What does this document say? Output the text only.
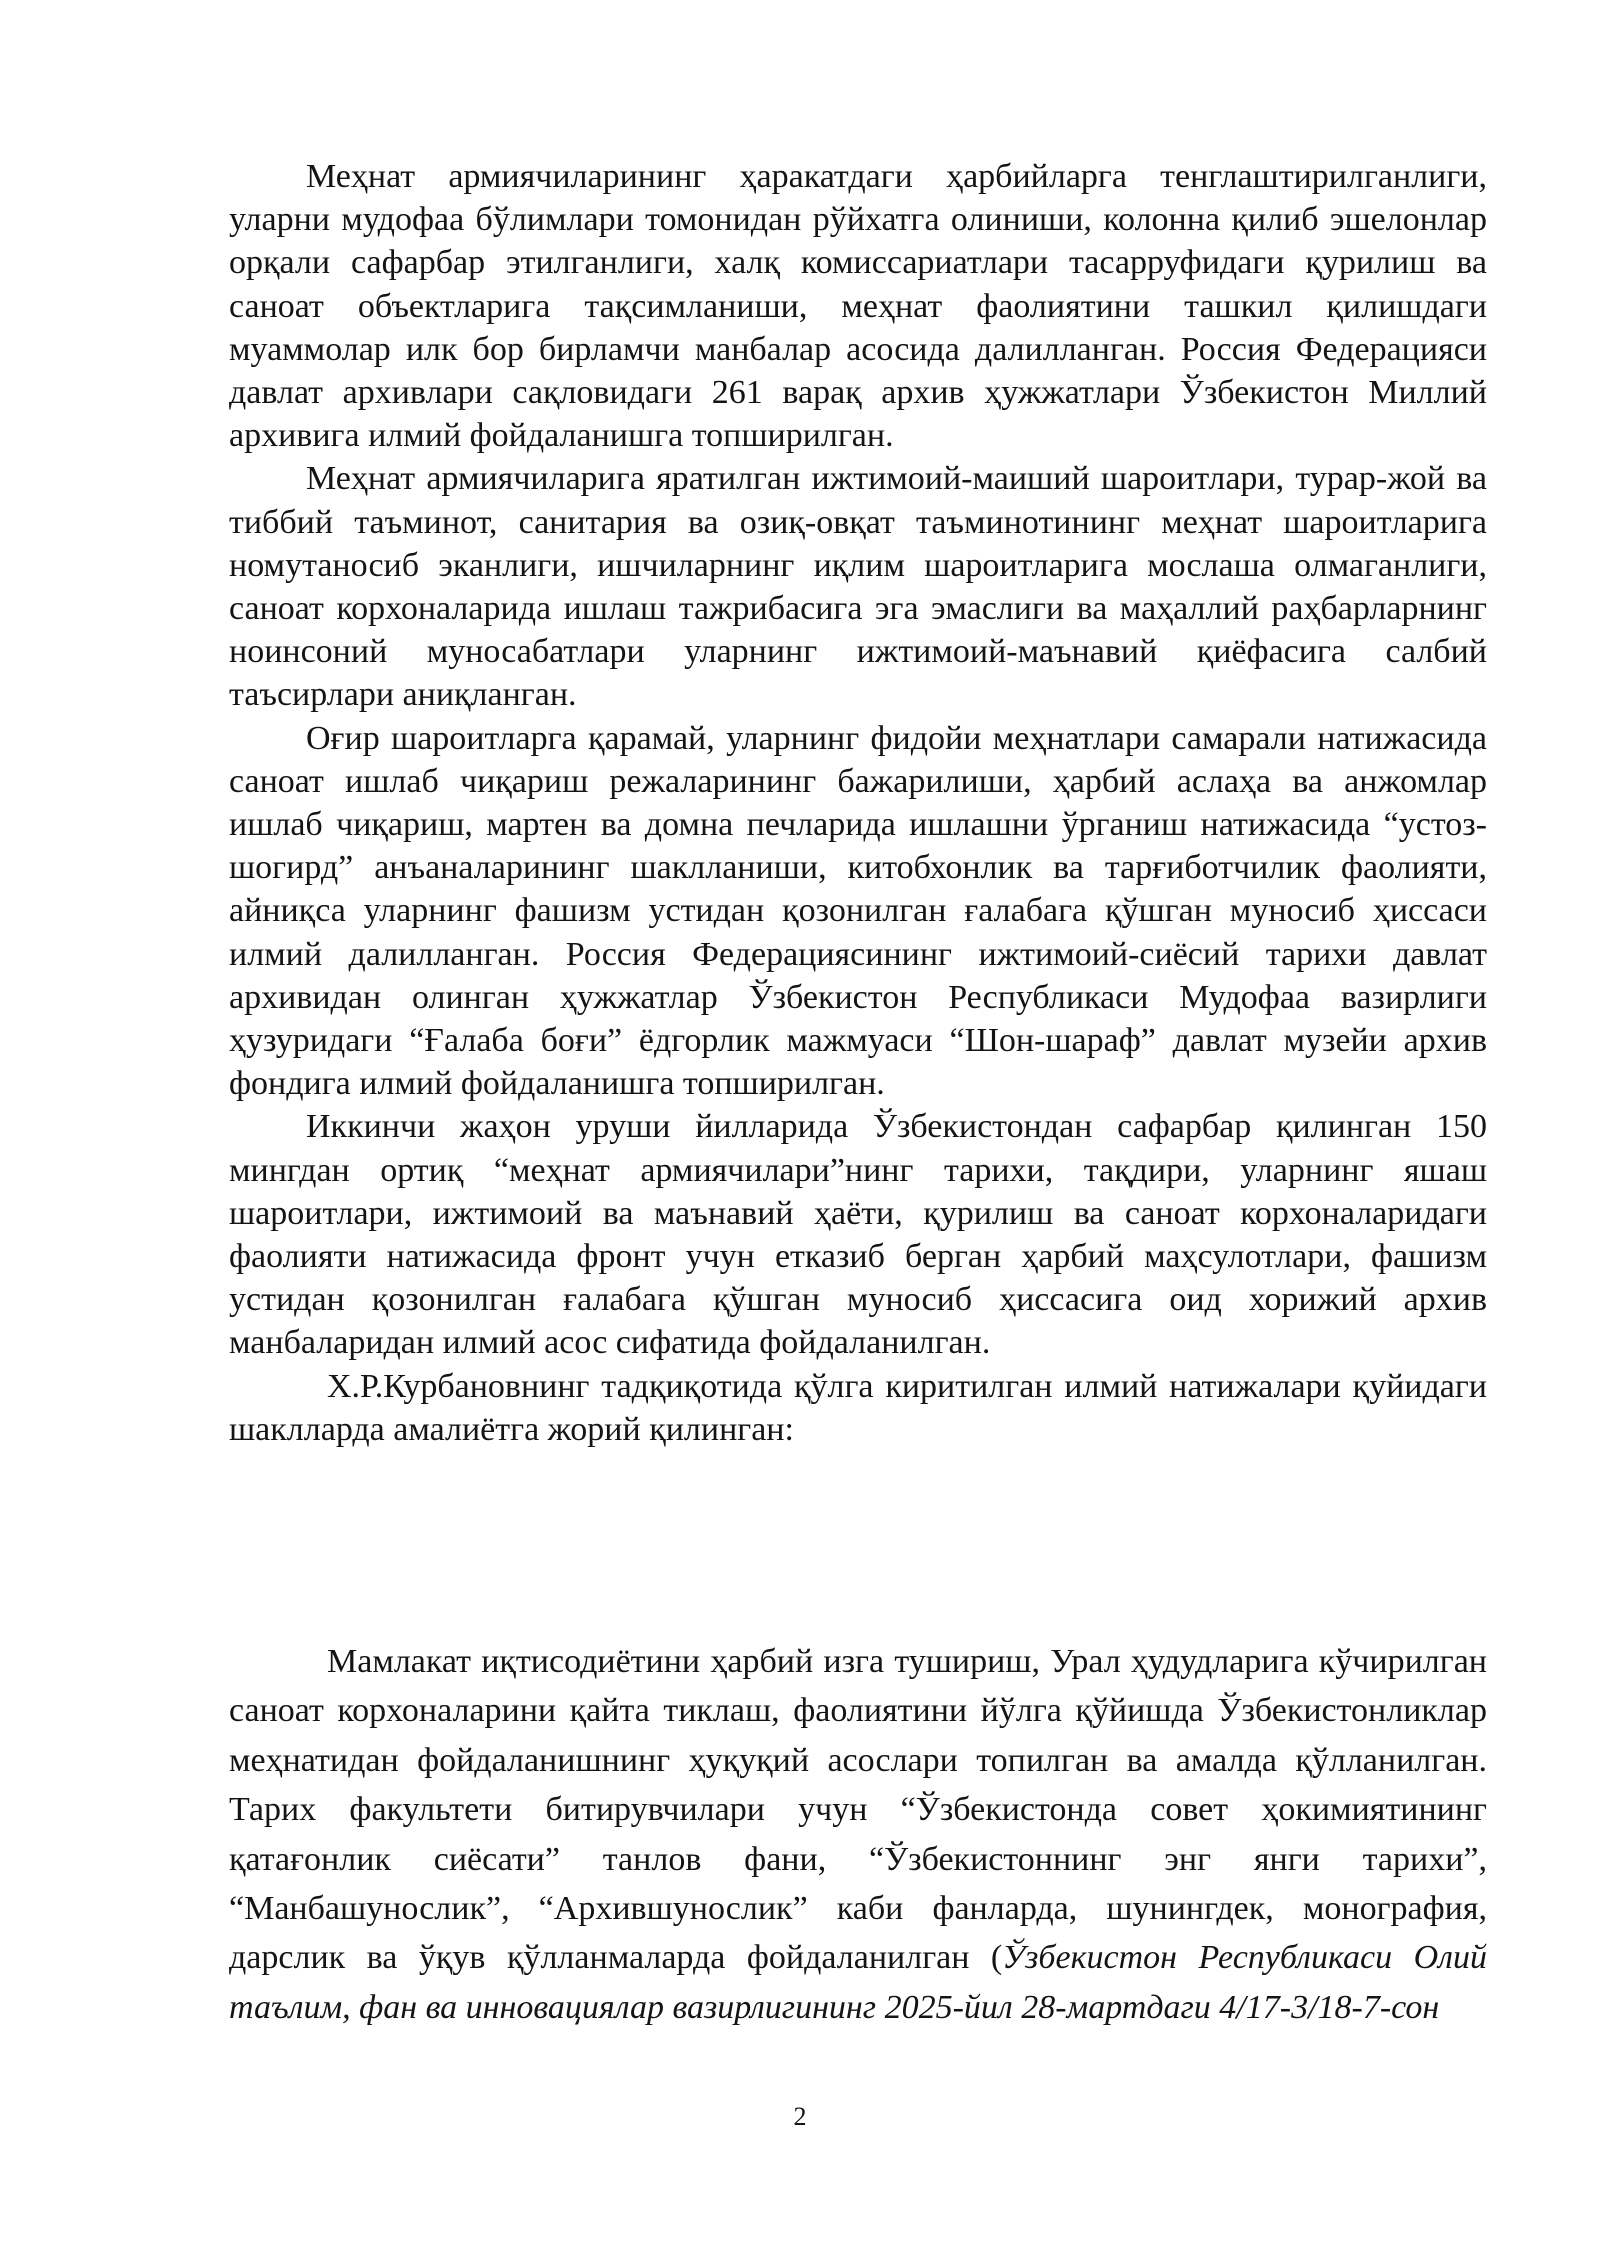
Меҳнат армиячиларининг ҳаракатдаги ҳарбийларга тенглаштирилганлиги, уларни мудофаа бўлимлари томонидан рўйхатга олиниши, колонна қилиб эшелонлар орқали сафарбар этилганлиги, халқ комиссариатлари тасарруфидаги қурилиш ва саноат объектларига тақсимланиши, меҳнат фаолиятини ташкил қилишдаги муаммолар илк бор бирламчи манбалар асосида далилланган. Россия Федерацияси давлат архивлари сақловидаги 261 варақ архив ҳужжатлари Ўзбекистон Миллий архивига илмий фойдаланишга топширилган.

Меҳнат армиячиларига яратилган ижтимоий-маиший шароитлари, турар-жой ва тиббий таъминот, санитария ва озиқ-овқат таъминотининг меҳнат шароитларига номутаносиб эканлиги, ишчиларнинг иқлим шароитларига мослаша олмаганлиги, саноат корхоналарида ишлаш тажрибасига эга эмаслиги ва маҳаллий раҳбарларнинг ноинсоний муносабатлари уларнинг ижтимоий-маънавий қиёфасига салбий таъсирлари аниқланган.

Оғир шароитларга қарамай, уларнинг фидойи меҳнатлари самарали натижасида саноат ишлаб чиқариш режаларининг бажарилиши, ҳарбий аслаҳа ва анжомлар ишлаб чиқариш, мартен ва домна печларида ишлашни ўрганиш натижасида “устоз-шогирд” анъаналарининг шаклланиши, китобхонлик ва тарғиботчилик фаолияти, айниқса уларнинг фашизм устидан қозонилган ғалабага қўшган муносиб ҳиссаси илмий далилланган. Россия Федерациясининг ижтимоий-сиёсий тарихи давлат архивидан олинган ҳужжатлар Ўзбекистон Республикаси Мудофаа вазирлиги ҳузуридаги “Ғалаба боғи” ёдгорлик мажмуаси “Шон-шараф” давлат музейи архив фондига илмий фойдаланишга топширилган.

Иккинчи жаҳон уруши йилларида Ўзбекистондан сафарбар қилинган 150 мингдан ортиқ “меҳнат армиячилари”нинг тарихи, тақдири, уларнинг яшаш шароитлари, ижтимоий ва маънавий ҳаёти, қурилиш ва саноат корхоналаридаги фаолияти натижасида фронт учун етказиб берган ҳарбий маҳсулотлари, фашизм устидан қозонилган ғалабага қўшган муносиб ҳиссасига оид хорижий архив манбаларидан илмий асос сифатида фойдаланилган.

Х.Р.Курбановнинг тадқиқотида қўлга киритилган илмий натижалари қуйидаги шаклларда амалиётга жорий қилинган:

Мамлакат иқтисодиётини ҳарбий изга тушириш, Урал ҳудудларига кўчирилган саноат корхоналарини қайта тиклаш, фаолиятини йўлга қўйишда Ўзбекистонликлар меҳнатидан фойдаланишнинг ҳуқуқий асослари топилган ва амалда қўлланилган. Тарих факультети битирувчилари учун “Ўзбекистонда совет ҳокимиятининг қатағонлик сиёсати” танлов фани, “Ўзбекистоннинг энг янги тарихи”, “Манбашунослик”, “Архившунослик” каби фанларда, шунингдек, монография, дарслик ва ўқув қўлланмаларда фойдаланилган (Ўзбекистон Республикаси Олий таълим, фан ва инновациялар вазирлигининг 2025-йил 28-мартдаги 4/17-3/18-7-сон

2
